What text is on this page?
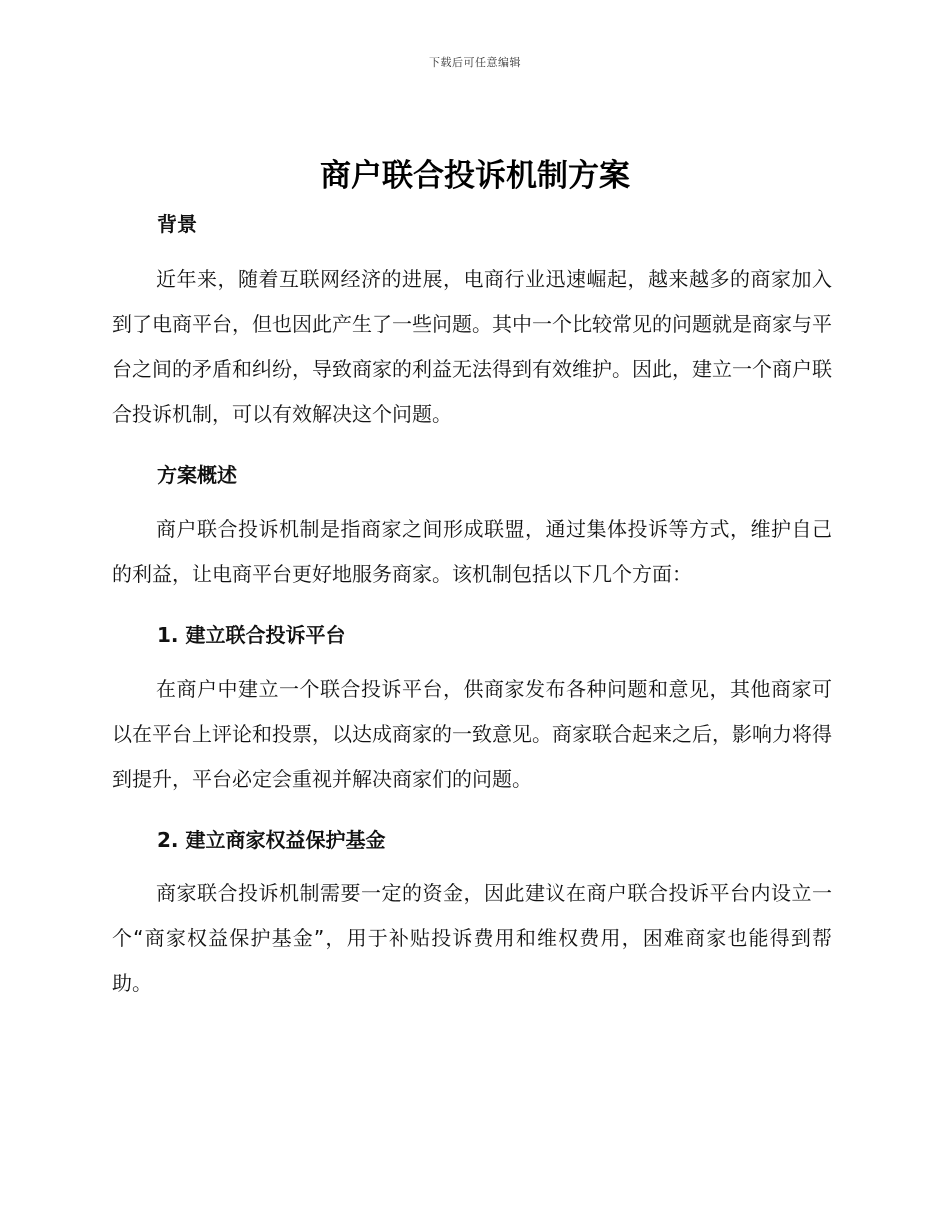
下载后可任意编辑
商户联合投诉机制方案
背景
近年来，随着互联网经济的进展，电商行业迅速崛起，越来越多的商家加入到了电商平台，但也因此产生了一些问题。其中一个比较常见的问题就是商家与平台之间的矛盾和纠纷，导致商家的利益无法得到有效维护。因此，建立一个商户联合投诉机制，可以有效解决这个问题。
方案概述
商户联合投诉机制是指商家之间形成联盟，通过集体投诉等方式，维护自己的利益，让电商平台更好地服务商家。该机制包括以下几个方面：
1. 建立联合投诉平台
在商户中建立一个联合投诉平台，供商家发布各种问题和意见，其他商家可以在平台上评论和投票，以达成商家的一致意见。商家联合起来之后，影响力将得到提升，平台必定会重视并解决商家们的问题。
2. 建立商家权益保护基金
商家联合投诉机制需要一定的资金，因此建议在商户联合投诉平台内设立一个“商家权益保护基金”，用于补贴投诉费用和维权费用，困难商家也能得到帮助。
